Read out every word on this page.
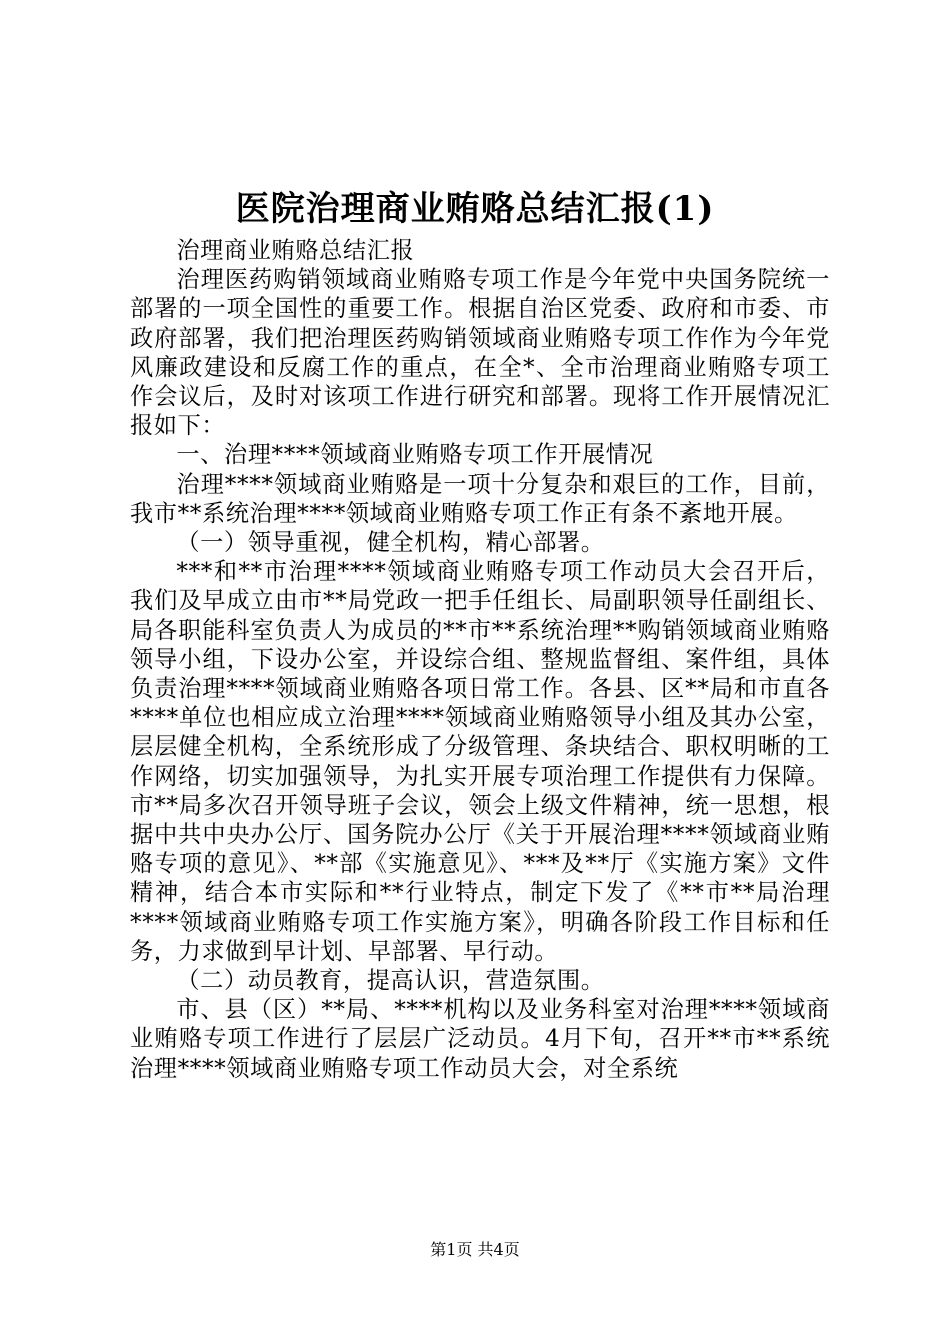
医院治理商业贿赂总结汇报(1)

治理商业贿赂总结汇报

治理医药购销领域商业贿赂专项工作是今年党中央国务院统一部署的一项全国性的重要工作。根据自治区党委、政府和市委、市政府部署，我们把治理医药购销领域商业贿赂专项工作作为今年党风廉政建设和反腐工作的重点，在全*、全市治理商业贿赂专项工作会议后，及时对该项工作进行研究和部署。现将工作开展情况汇报如下：

一、治理****领域商业贿赂专项工作开展情况

治理****领域商业贿赂是一项十分复杂和艰巨的工作，目前，我市**系统治理****领域商业贿赂专项工作正有条不紊地开展。

（一）领导重视，健全机构，精心部署。

***和**市治理****领域商业贿赂专项工作动员大会召开后，我们及早成立由市**局党政一把手任组长、局副职领导任副组长、局各职能科室负责人为成员的**市**系统治理**购销领域商业贿赂领导小组，下设办公室，并设综合组、整规监督组、案件组，具体负责治理****领域商业贿赂各项日常工作。各县、区**局和市直各****单位也相应成立治理****领域商业贿赂领导小组及其办公室，层层健全机构，全系统形成了分级管理、条块结合、职权明晰的工作网络，切实加强领导，为扎实开展专项治理工作提供有力保障。市**局多次召开领导班子会议，领会上级文件精神，统一思想，根据中共中央办公厅、国务院办公厅《关于开展治理****领域商业贿赂专项的意见》、**部《实施意见》、***及**厅《实施方案》文件精神，结合本市实际和**行业特点，制定下发了《**市**局治理****领域商业贿赂专项工作实施方案》，明确各阶段工作目标和任务，力求做到早计划、早部署、早行动。

（二）动员教育，提高认识，营造氛围。

市、县（区）**局、****机构以及业务科室对治理****领域商业贿赂专项工作进行了层层广泛动员。4月下旬，召开**市**系统治理****领域商业贿赂专项工作动员大会，对全系统

第1页 共4页
